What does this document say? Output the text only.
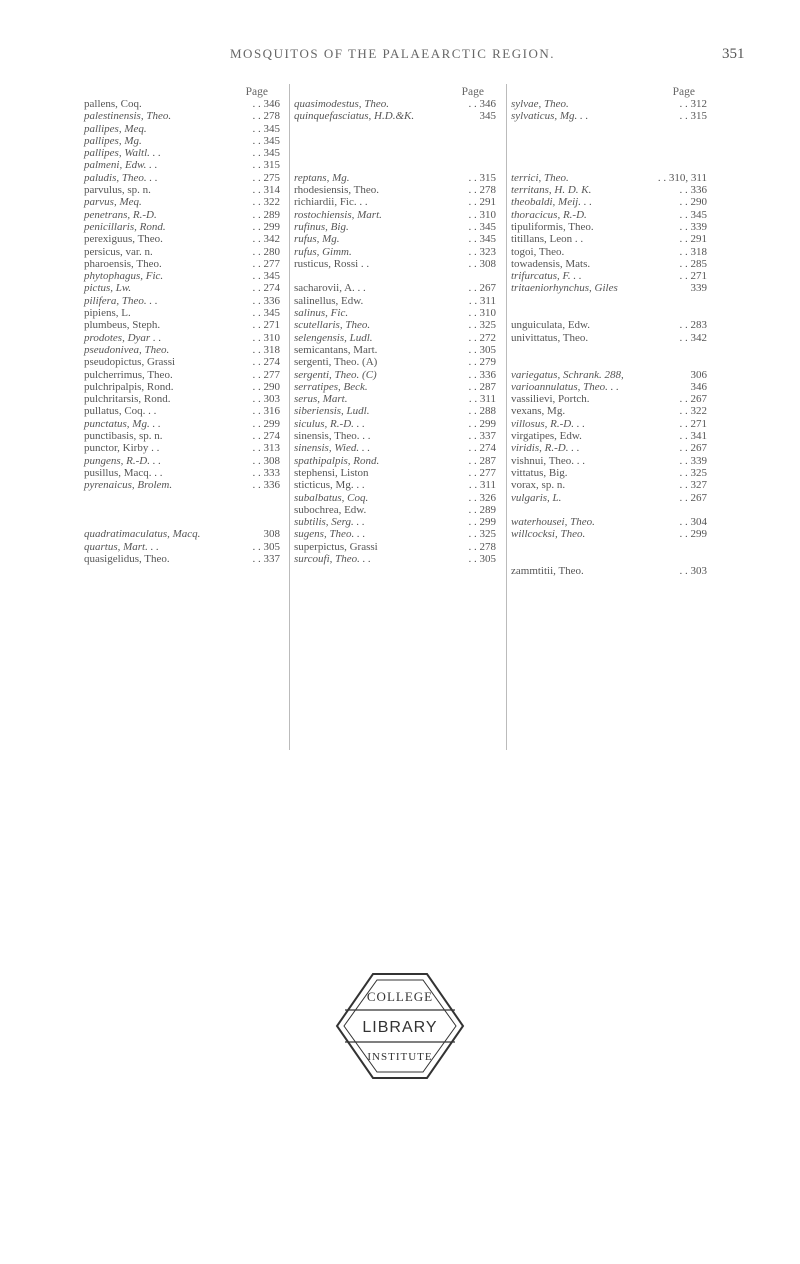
MOSQUITOS OF THE PALAEARCTIC REGION.	351
Page
pallens, Coq.	. . 346
palestinensis, Theo.	. . 278
pallipes, Meq.	. . 345
pallipes, Mg.	. . 345
pallipes, Waltl. . .	. . 345
palmeni, Edw. . .	. . 315
paludis, Theo. . .	. . 275
parvulus, sp. n.	. . 314
parvus, Meq.	. . 322
penetrans, R.-D.	. . 289
penicillaris, Rond.	. . 299
perexiguus, Theo.	. . 342
persicus, var. n.	. . 280
pharoensis, Theo.	. . 277
phytophagus, Fic.	. . 345
pictus, Lw.	. . 274
pilifera, Theo. . .	. . 336
pipiens, L.	. . 345
plumbeus, Steph.	. . 271
prodotes, Dyar . .	. . 310
pseudonivea, Theo.	. . 318
pseudopictus, Grassi	. . 274
pulcherrimus, Theo.	. . 277
pulchripalpis, Rond.	. . 290
pulchritarsis, Rond.	. . 303
pullatus, Coq. . .	. . 316
punctatus, Mg. . .	. . 299
punctibasis, sp. n.	. . 274
punctor, Kirby . .	. . 313
pungens, R.-D. . .	. . 308
pusillus, Macq. . .	. . 333
pyrenaicus, Brolem.	. . 336
quadratimaculatus, Macq.	308
quartus, Mart. . .	. . 305
quasigelidus, Theo.	. . 337
Page
quasimodestus, Theo.	. . 346
quinquefasciatus, H.D.&K.	345
reptans, Mg.	. . 315
rhodesiensis, Theo.	. . 278
richiardii, Fic. . .	. . 291
rostochiensis, Mart.	. . 310
rufinus, Big.	. . 345
rufus, Mg.	. . 345
rufus, Gimm.	. . 323
rusticus, Rossi . .	. . 308
sacharovii, A. . .	. . 267
salinellus, Edw.	. . 311
salinus, Fic.	. . 310
scutellaris, Theo.	. . 325
selengensis, Ludl.	. . 272
semicantans, Mart.	. . 305
sergenti, Theo. (A)	. . 279
sergenti, Theo. (C)	. . 336
serratipes, Beck.	. . 287
serus, Mart.	. . 311
siberiensis, Ludl.	. . 288
siculus, R.-D. . .	. . 299
sinensis, Theo. . .	. . 337
sinensis, Wied. . .	. . 274
spathipalpis, Rond.	. . 287
stephensi, Liston	. . 277
sticticus, Mg. . .	. . 311
subalbatus, Coq.	. . 326
subochrea, Edw.	. . 289
subtilis, Serg. . .	. . 299
sugens, Theo. . .	. . 325
superpictus, Grassi	. . 278
surcoufi, Theo. . .	. . 305
Page
sylvae, Theo.	. . 312
sylvaticus, Mg. . .	. . 315
terrici, Theo.	. . 310, 311
territans, H. D. K.	. . 336
theobaldi, Meij. . .	. . 290
thoracicus, R.-D.	. . 345
tipuliformis, Theo.	. . 339
titillans, Leon . .	. . 291
togoi, Theo.	. . 318
towadensis, Mats.	. . 285
trifurcatus, F. . .	. . 271
tritaeniorhynchus, Giles	339
unguiculata, Edw.	. . 283
univittatus, Theo.	. . 342
variegatus, Schrank. 288,	306
varioannulatus, Theo. . .	346
vassilievi, Portch.	. . 267
vexans, Mg.	. . 322
villosus, R.-D. . .	. . 271
virgatipes, Edw.	. . 341
viridis, R.-D. . .	. . 267
vishnui, Theo. . .	. . 339
vittatus, Big.	. . 325
vorax, sp. n.	. . 327
vulgaris, L.	. . 267
waterhousei, Theo.	. . 304
willcocksi, Theo.	. . 299
zammtitii, Theo.	. . 303
COLLEGE
LIBRARY
INSTITUTE
